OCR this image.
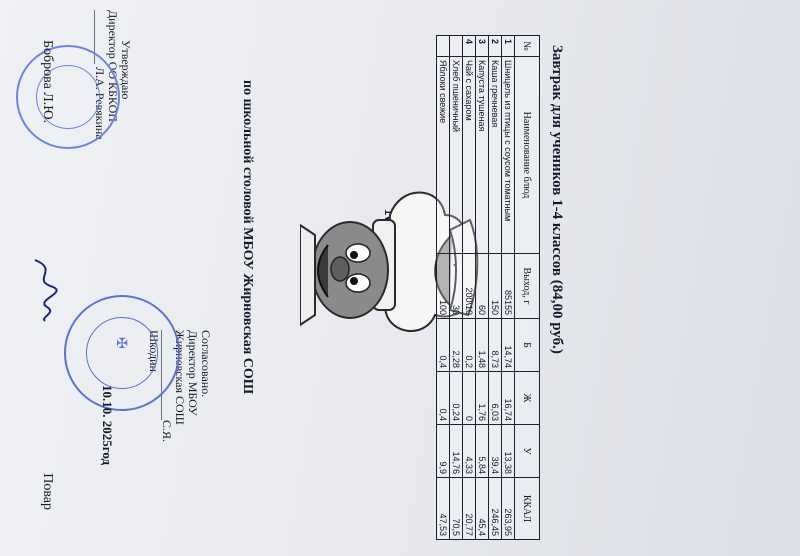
Согласовано.
Директор МБОУ Жирновская СОШ
_______________С.Я. Шкодин
Утверждаю
Директор ОО КБКОП
_________ Л.А. Ревякина
✠	по школьной столовой МБОУ Жирновская СОШ
10.10. 2025год
Завтрак для учеников 1-4 классов (84,00 руб.)
№	Наименование блюд	Выход, г	Б	Ж	У	ККАЛ
1	Шницель из птицы с соусом томатным	85155	14,74	16,74	13,38	263,95
2	Каша гречневая	150	8,73	6,03	39,4	246,45
3	Капуста тушеная	60	1,48	1,76	5,84	45,4
4	Чай с сахаром	200\10	0,2	0	4,33	20,77
	Хлеб пшеничный	30	2,28	0,24	14,76	70,5
	Яблоки свежие	100	0,4	0,4	9,9	47,53
Повар
Боброва Л.Ю.
